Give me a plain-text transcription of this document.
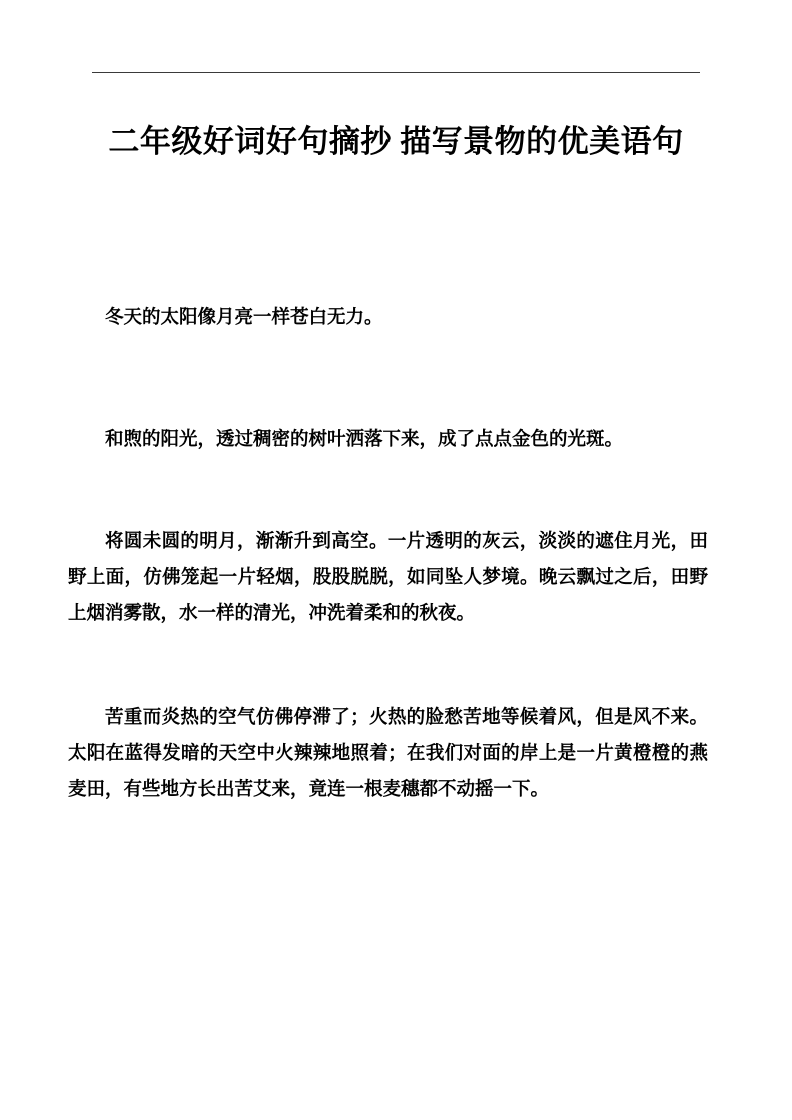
二年级好词好句摘抄 描写景物的优美语句

冬天的太阳像月亮一样苍白无力。

和煦的阳光，透过稠密的树叶洒落下来，成了点点金色的光斑。

将圆未圆的明月，渐渐升到高空。一片透明的灰云，淡淡的遮住月光，田野上面，仿佛笼起一片轻烟，股股脱脱，如同坠人梦境。晚云飘过之后，田野上烟消雾散，水一样的清光，冲洗着柔和的秋夜。

苦重而炎热的空气仿佛停滞了；火热的脸愁苦地等候着风，但是风不来。太阳在蓝得发暗的天空中火辣辣地照着；在我们对面的岸上是一片黄橙橙的燕麦田，有些地方长出苦艾来，竟连一根麦穗都不动摇一下。
